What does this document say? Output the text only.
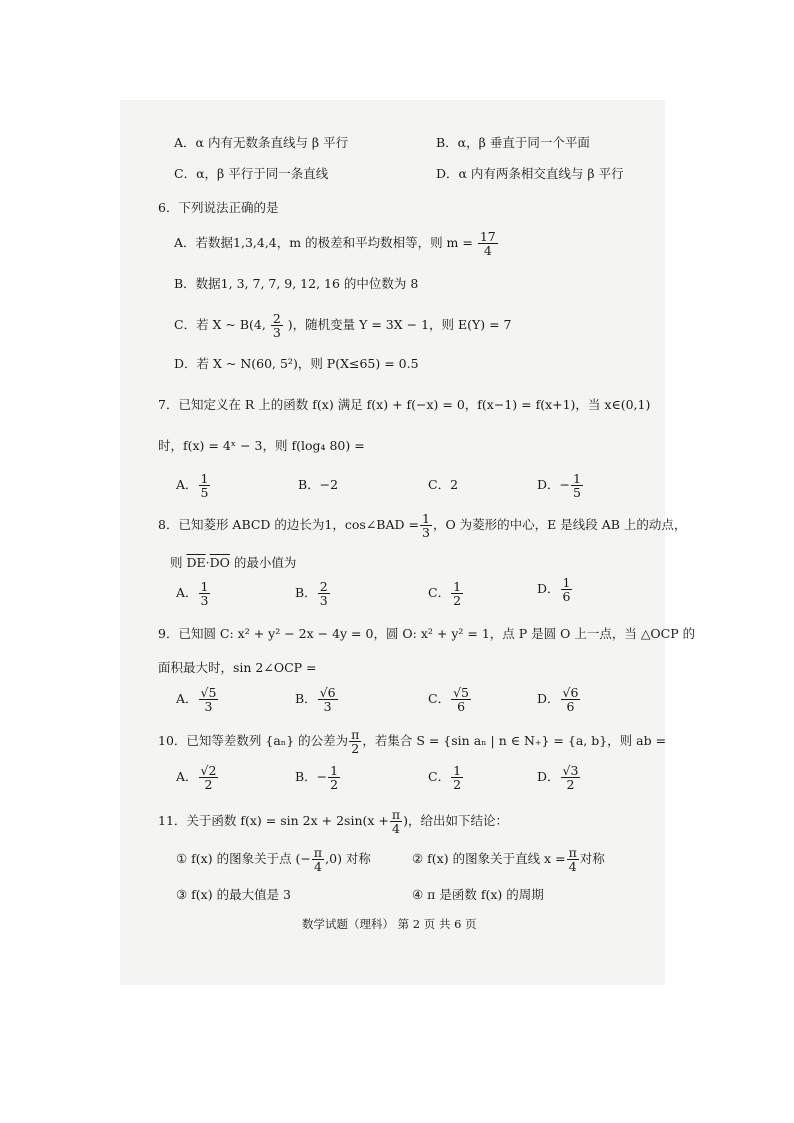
A．α 内有无数条直线与 β 平行	B．α，β 垂直于同一个平面
C．α，β 平行于同一条直线	D．α 内有两条相交直线与 β 平行
6．下列说法正确的是
A．若数据1,3,4,4，m 的极差和平均数相等，则 $m = \frac{17}{4}$
B．数据1, 3, 7, 7, 9, 12, 16 的中位数为 8
C．若 X ~ B(4, $\frac{2}{3}$ )，随机变量 Y = 3X − 1，则 E(Y) = 7
D．若 X ~ N(60, 5²)，则 P(X≤65) = 0.5
7．已知定义在 R 上的函数 f(x) 满足 f(x) + f(−x) = 0，f(x−1) = f(x+1)，当 x∈(0,1)
时，f(x) = 4ˣ − 3，则 f(log₄ 80) =
A． $\frac{1}{5}$	B．−2	C．2	D．− $\frac{1}{5}$
8．已知菱形 ABCD 的边长为1，cos∠BAD = $\frac{1}{3}$ ，O 为菱形的中心，E 是线段 AB 上的动点，
则 $\overline{DE}\cdot\overline{DO}$ 的最小值为
A． $\frac{1}{3}$	B． $\frac{2}{3}$	C． $\frac{1}{2}$	D． $\frac{1}{6}$
9．已知圆 C: x² + y² − 2x − 4y = 0，圆 O: x² + y² = 1，点 P 是圆 O 上一点，当 △OCP 的
面积最大时，sin 2∠OCP =
A． $\frac{√5}{3}$	B． $\frac{√6}{3}$	C． $\frac{√5}{6}$	D． $\frac{√6}{6}$
10．已知等差数列 {aₙ} 的公差为 $\frac{\pi}{2}$ ，若集合 S = {sin aₙ | n ∈ N₊} = {a, b}，则 ab =
A． $\frac{√2}{2}$	B．− $\frac{1}{2}$	C． $\frac{1}{2}$	D． $\frac{√3}{2}$
11．关于函数 $f(x) = \sin 2x + 2\sin(x + \frac{\pi}{4}$ )，给出如下结论：
① f(x) 的图象关于点 (− $\frac{\pi}{4} ,0$) 对称	② f(x) 的图象关于直线 $x = \frac{\pi}{4}$ 对称
③ f(x) 的最大值是 3	④ π 是函数 f(x) 的周期
数学试题（理科） 第 2 页 共 6 页
